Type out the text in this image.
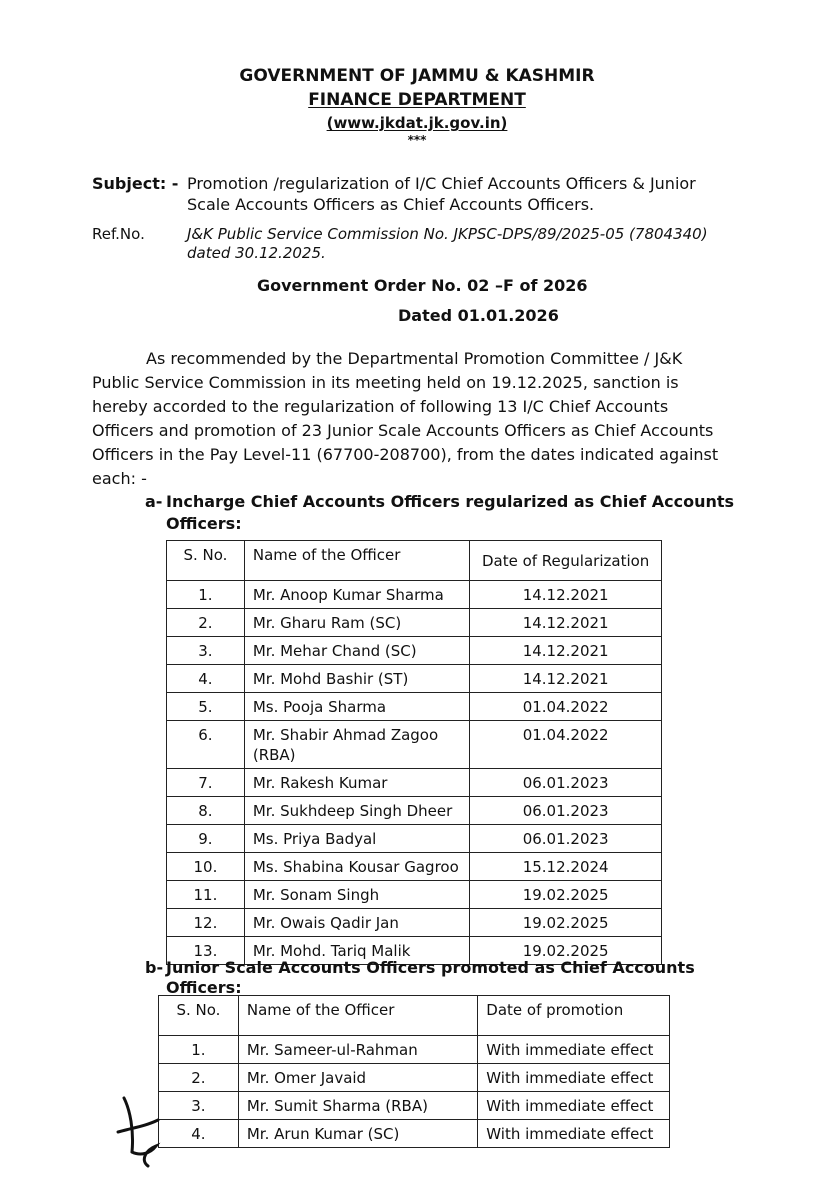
GOVERNMENT OF JAMMU & KASHMIR
FINANCE DEPARTMENT
(www.jkdat.jk.gov.in)
***
Subject: - Promotion /regularization of I/C Chief Accounts Officers & Junior
Scale Accounts Officers as Chief Accounts Officers.
Ref.No.	J&K Public Service Commission No. JKPSC-DPS/89/2025-05 (7804340)
dated 30.12.2025.
Government Order No. 02 –F of 2026
Dated 01.01.2026
As recommended by the Departmental Promotion Committee / J&K
Public Service Commission in its meeting held on 19.12.2025, sanction is
hereby accorded to the regularization of following 13 I/C Chief Accounts
Officers and promotion of 23 Junior Scale Accounts Officers as Chief Accounts
Officers in the Pay Level-11 (67700-208700), from the dates indicated against
each: -
a- Incharge Chief Accounts Officers regularized as Chief Accounts
Officers:
S. No.	Name of the Officer	Date of Regularization
1.	Mr. Anoop Kumar Sharma	14.12.2021
2.	Mr. Gharu Ram (SC)	14.12.2021
3.	Mr. Mehar Chand (SC)	14.12.2021
4.	Mr. Mohd Bashir (ST)	14.12.2021
5.	Ms. Pooja Sharma	01.04.2022
6.	Mr. Shabir Ahmad Zagoo
(RBA)	01.04.2022
7.	Mr. Rakesh Kumar	06.01.2023
8.	Mr. Sukhdeep Singh Dheer	06.01.2023
9.	Ms. Priya Badyal	06.01.2023
10.	Ms. Shabina Kousar Gagroo	15.12.2024
11.	Mr. Sonam Singh	19.02.2025
12.	Mr. Owais Qadir Jan	19.02.2025
13.	Mr. Mohd. Tariq Malik	19.02.2025
b- Junior Scale Accounts Officers promoted as Chief Accounts
Officers:
S. No.	Name of the Officer	Date of promotion
1.	Mr. Sameer-ul-Rahman	With immediate effect
2.	Mr. Omer Javaid	With immediate effect
3.	Mr. Sumit Sharma (RBA)	With immediate effect
4.	Mr. Arun Kumar (SC)	With immediate effect
